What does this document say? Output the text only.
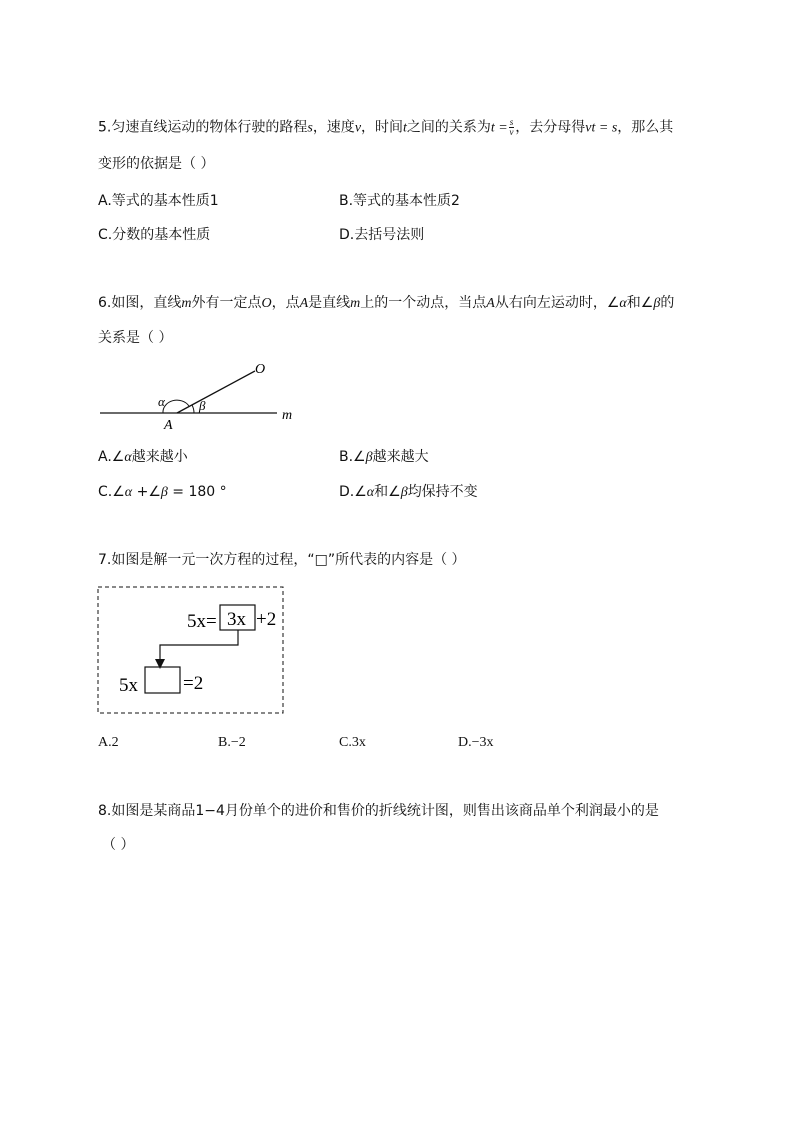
5.匀速直线运动的物体行驶的路程s，速度v，时间t之间的关系为$t = \frac{s}{v}$ ，去分母得vt = s，那么其
变形的依据是（ ）
A.等式的基本性质1	B.等式的基本性质2
C.分数的基本性质	D.去括号法则
6.如图，直线m外有一定点O，点A是直线m上的一个动点，当点A从右向左运动时，∠α和∠β的
关系是（ ）
O
α	β
A
m
A.∠α越来越小	B.∠β越来越大
C.∠α +∠β = 180 °	D.∠α和∠β均保持不变
7.如图是解一元一次方程的过程，“□”所代表的内容是（ ）
5x= 3x +2
5x =2
A.2	B.−2	C.3x	D.−3x
8.如图是某商品1−4月份单个的进价和售价的折线统计图，则售出该商品单个利润最小的是
（ ）
